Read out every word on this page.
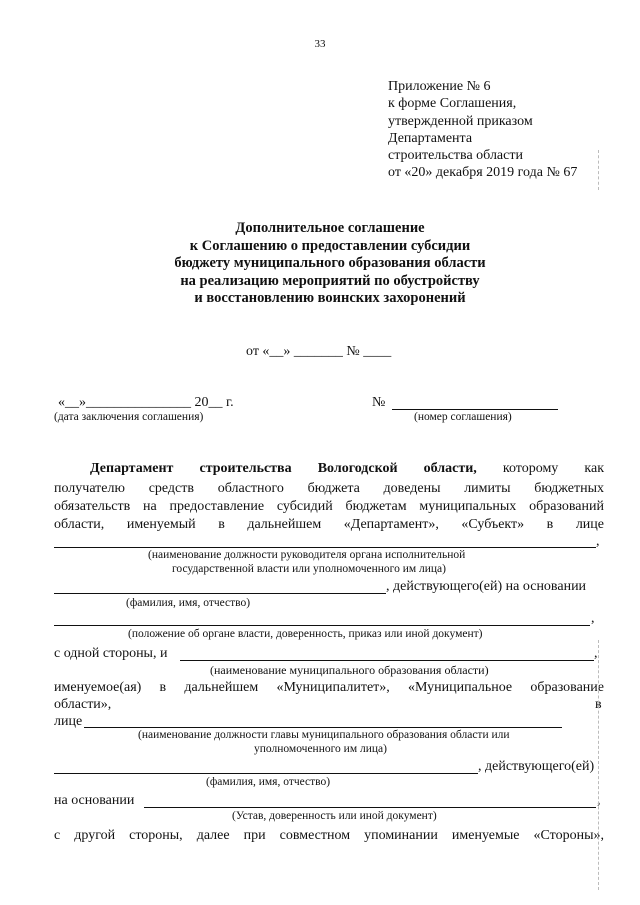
33
Приложение № 6
к форме Соглашения,
утвержденной приказом
Департамента
строительства области
от «20» декабря 2019 года № 67
Дополнительное соглашение
к Соглашению о предоставлении субсидии
бюджету муниципального образования области
на реализацию мероприятий по обустройству
и восстановлению воинских захоронений
от «__» _______ № ____
«__»_______________ 20__ г.
(дата заключения соглашения)
№
(номер соглашения)
Департамент строительства Вологодской области, которому как
получателю средств областного бюджета доведены лимиты бюджетных
обязательств на предоставление субсидий бюджетам муниципальных образований
области, именуемый в дальнейшем «Департамент», «Субъект» в лице
,
(наименование должности руководителя органа исполнительной
государственной власти или уполномоченного им лица)
, действующего(ей) на основании
(фамилия, имя, отчество)
,
(положение об органе власти, доверенность, приказ или иной документ)
с одной стороны, и	,
(наименование муниципального образования области)
именуемое(ая) в дальнейшем «Муниципалитет», «Муниципальное образование
области»,	в
лице
(наименование должности главы муниципального образования области или
уполномоченного им лица)
, действующего(ей)
(фамилия, имя, отчество)
на основании	,
(Устав, доверенность или иной документ)
с другой стороны, далее при совместном упоминании именуемые «Стороны»,
